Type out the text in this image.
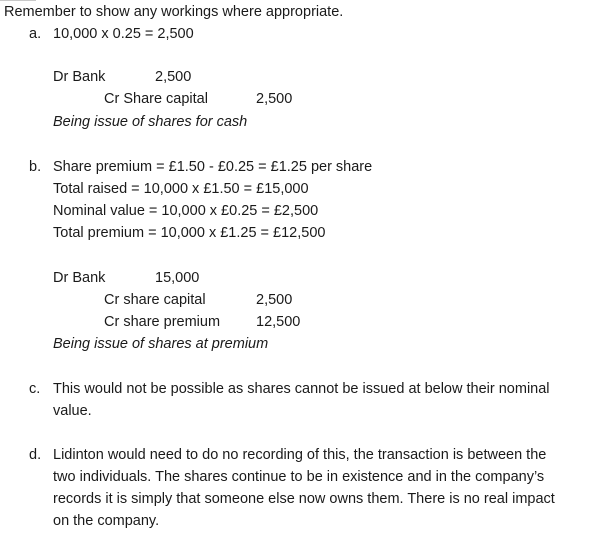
Remember to show any workings where appropriate.
a. 10,000 x 0.25 = 2,500
Dr Bank	2,500
Cr Share capital	2,500
Being issue of shares for cash
b. Share premium = £1.50 - £0.25 = £1.25 per share
Total raised = 10,000 x £1.50 = £15,000
Nominal value = 10,000 x £0.25 = £2,500
Total premium = 10,000 x £1.25 = £12,500
Dr Bank	15,000
Cr share capital	2,500
Cr share premium 12,500
Being issue of shares at premium
c. This would not be possible as shares cannot be issued at below their nominal
value.
d. Lidinton would need to do no recording of this, the transaction is between the
two individuals. The shares continue to be in existence and in the company’s
records it is simply that someone else now owns them. There is no real impact
on the company.
